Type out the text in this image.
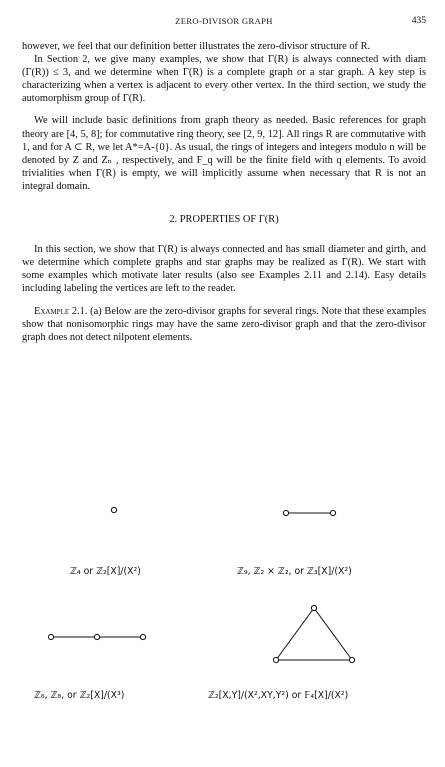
ZERO-DIVISOR GRAPH	435

however, we feel that our definition better illustrates the zero-divisor structure of R.

In Section 2, we give many examples, we show that Γ(R) is always connected with diam (Γ(R)) ≤ 3, and we determine when Γ(R) is a complete graph or a star graph. A key step is characterizing when a vertex is adjacent to every other vertex. In the third section, we study the automorphism group of Γ(R).

We will include basic definitions from graph theory as needed. Basic references for graph theory are [4, 5, 8]; for commutative ring theory, see [2, 9, 12]. All rings R are commutative with 1, and for A ⊂ R, we let A*=A-{0}. As usual, the rings of integers and integers modulo n will be denoted by Z and Zₙ , respectively, and F_q will be the finite field with q elements. To avoid trivialities when Γ(R) is empty, we will implicitly assume when necessary that R is not an integral domain.

2. PROPERTIES OF Γ(R)

In this section, we show that Γ(R) is always connected and has small diameter and girth, and we determine which complete graphs and star graphs may be realized as Γ(R). We start with some examples which motivate later results (also see Examples 2.11 and 2.14). Easy details including labeling the vertices are left to the reader.

Example 2.1. (a) Below are the zero-divisor graphs for several rings. Note that these examples show that nonisomorphic rings may have the same zero-divisor graph and that the zero-divisor graph does not detect nilpotent elements.

ℤ₄ or ℤ₂[X]/(X²)	ℤ₉, ℤ₂ × ℤ₂, or ℤ₃[X]/(X²)
ℤ₆, ℤ₈, or ℤ₂[X]/(X³)	ℤ₂[X,Y]/(X²,XY,Y²) or 𝔽₄[X]/(X²)
